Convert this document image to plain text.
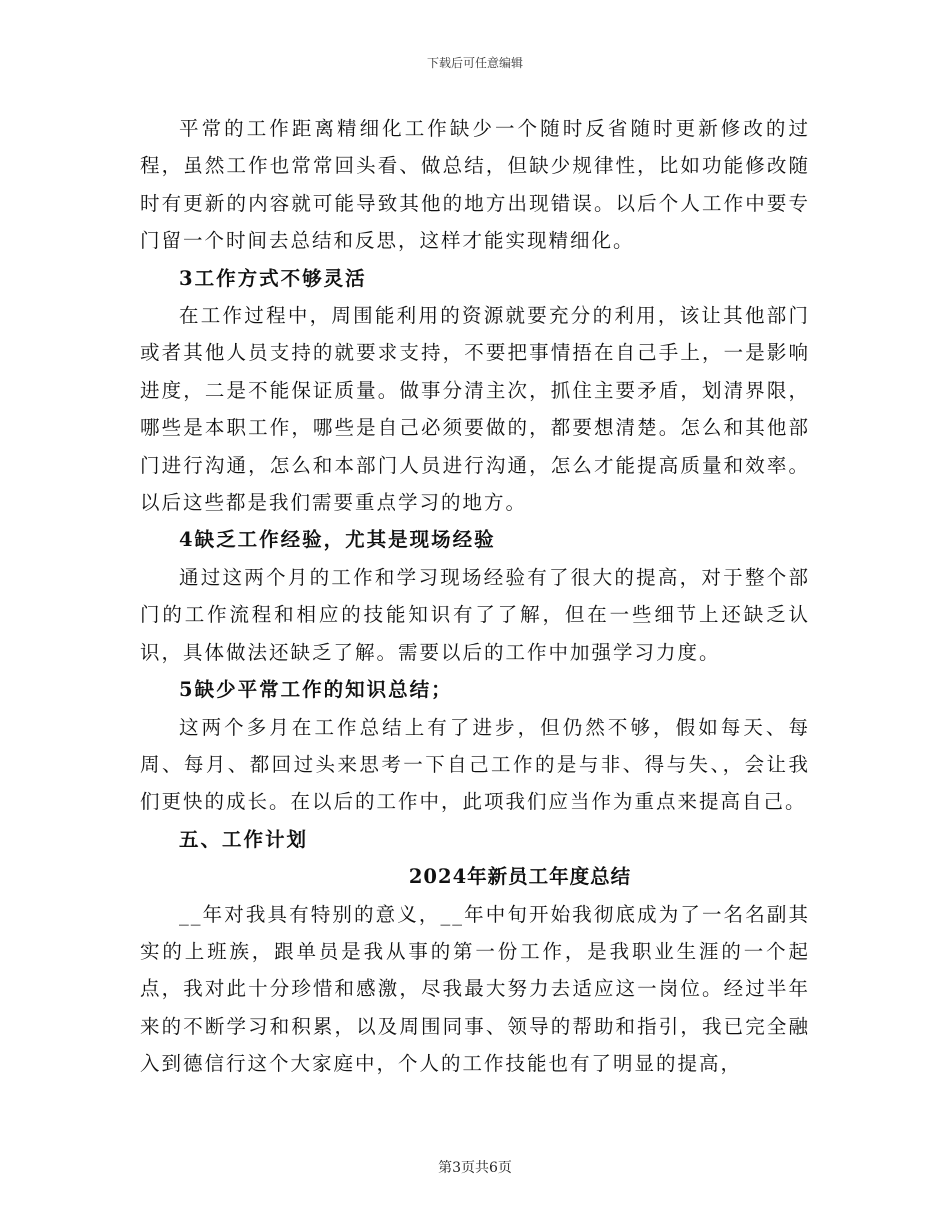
下载后可任意编辑

平常的工作距离精细化工作缺少一个随时反省随时更新修改的过程，虽然工作也常常回头看、做总结，但缺少规律性，比如功能修改随时有更新的内容就可能导致其他的地方出现错误。以后个人工作中要专门留一个时间去总结和反思，这样才能实现精细化。

3工作方式不够灵活

在工作过程中，周围能利用的资源就要充分的利用，该让其他部门或者其他人员支持的就要求支持，不要把事情捂在自己手上，一是影响进度，二是不能保证质量。做事分清主次，抓住主要矛盾，划清界限，哪些是本职工作，哪些是自己必须要做的，都要想清楚。怎么和其他部门进行沟通，怎么和本部门人员进行沟通，怎么才能提高质量和效率。以后这些都是我们需要重点学习的地方。

4缺乏工作经验，尤其是现场经验

通过这两个月的工作和学习现场经验有了很大的提高，对于整个部门的工作流程和相应的技能知识有了了解，但在一些细节上还缺乏认识，具体做法还缺乏了解。需要以后的工作中加强学习力度。

5缺少平常工作的知识总结；

这两个多月在工作总结上有了进步，但仍然不够，假如每天、每周、每月、都回过头来思考一下自己工作的是与非、得与失、，会让我们更快的成长。在以后的工作中，此项我们应当作为重点来提高自己。

五、工作计划

2024年新员工年度总结

__年对我具有特别的意义，__年中旬开始我彻底成为了一名名副其实的上班族，跟单员是我从事的第一份工作，是我职业生涯的一个起点，我对此十分珍惜和感激，尽我最大努力去适应这一岗位。经过半年来的不断学习和积累，以及周围同事、领导的帮助和指引，我已完全融入到德信行这个大家庭中，个人的工作技能也有了明显的提高，

第3页共6页
